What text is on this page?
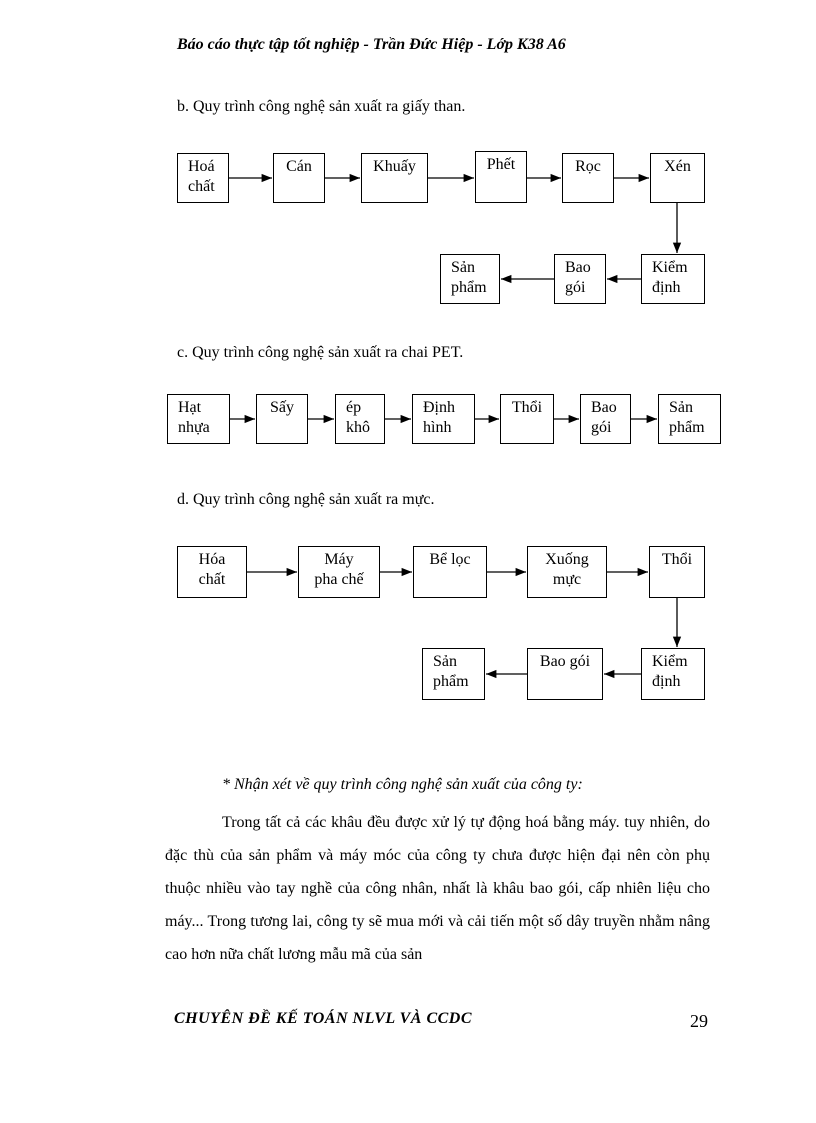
Báo cáo thực tập tốt nghiệp - Trần Đức Hiệp - Lớp K38 A6
b. Quy trình công nghệ sản xuất ra giấy than.
Hoá
chất
Cán	Khuấy	Phết	Rọc	Xén
Kiểm
định
Bao
gói
Sản
phẩm
c. Quy trình công nghệ sản xuất ra chai PET.
Hạt
nhựa
Sấy	ép
khô
Định
hình
Thổi	Bao
gói
Sản
phẩm
d. Quy trình công nghệ sản xuất ra mực.
Hóa
chất
Máy
pha chế
Bể lọc	Xuống
mực
Thổi
Kiểm
định
Bao gói
Sản
phẩm
* Nhận xét về quy trình công nghệ sản xuất của công ty:
Trong tất cả các khâu đều được xử lý tự động hoá bằng máy. tuy nhiên, do đặc thù của sản phẩm và máy móc của công ty chưa được hiện đại nên còn phụ thuộc nhiều vào tay nghề của công nhân, nhất là khâu bao gói, cấp nhiên liệu cho máy... Trong tương lai, công ty sẽ mua mới và cải tiến một số dây truyền nhằm nâng cao hơn nữa chất lương mẫu mã của sản
CHUYÊN ĐỀ KẾ TOÁN NLVL VÀ CCDC	29
